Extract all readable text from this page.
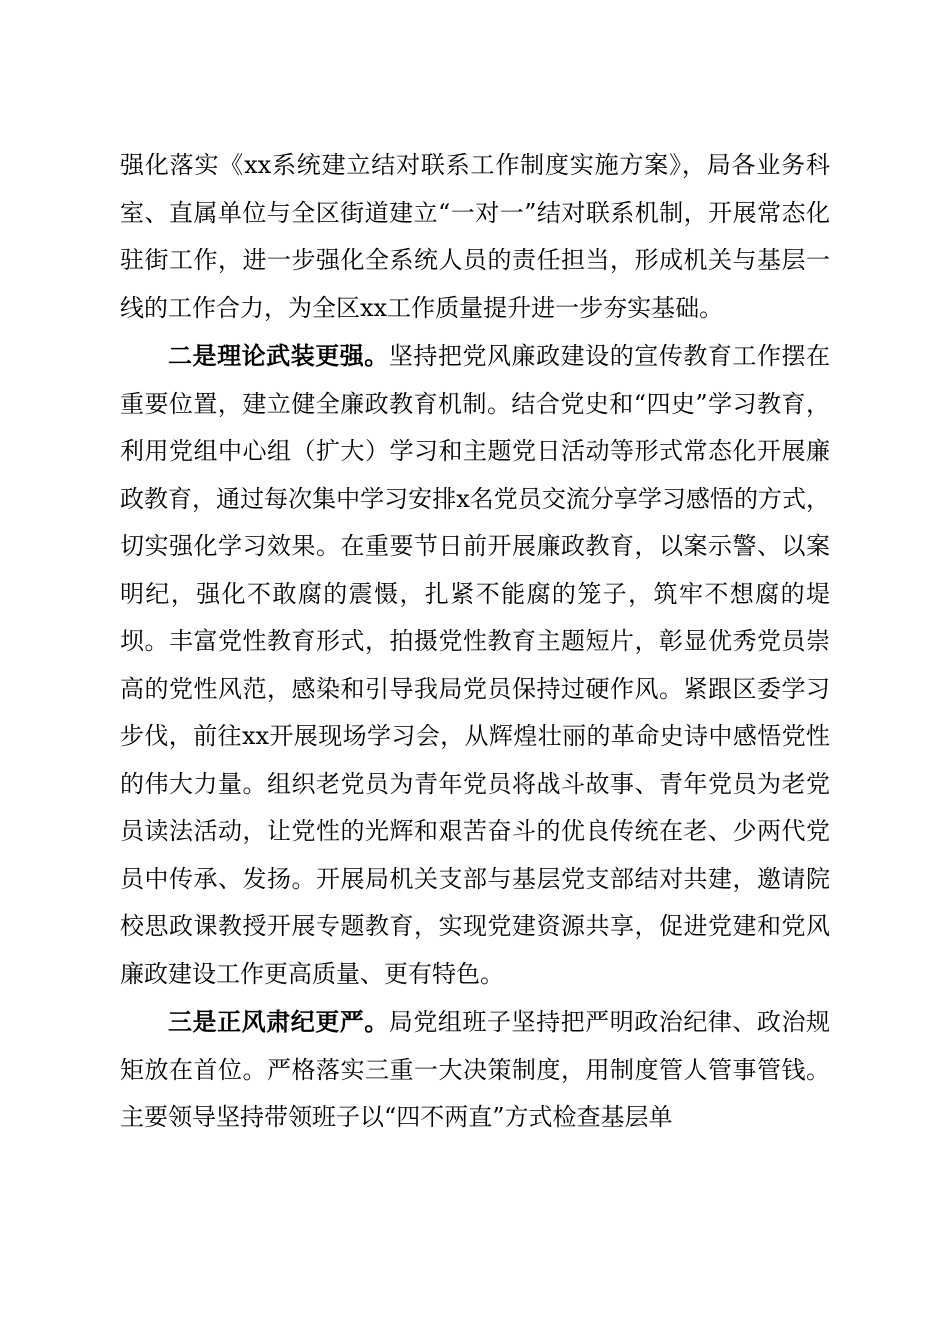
强化落实《xx系统建立结对联系工作制度实施方案》，局各业务科室、直属单位与全区街道建立“一对一”结对联系机制，开展常态化驻街工作，进一步强化全系统人员的责任担当，形成机关与基层一线的工作合力，为全区xx工作质量提升进一步夯实基础。

二是理论武装更强。坚持把党风廉政建设的宣传教育工作摆在重要位置，建立健全廉政教育机制。结合党史和“四史”学习教育，利用党组中心组（扩大）学习和主题党日活动等形式常态化开展廉政教育，通过每次集中学习安排x名党员交流分享学习感悟的方式，切实强化学习效果。在重要节日前开展廉政教育，以案示警、以案明纪，强化不敢腐的震慑，扎紧不能腐的笼子，筑牢不想腐的堤坝。丰富党性教育形式，拍摄党性教育主题短片，彰显优秀党员崇高的党性风范，感染和引导我局党员保持过硬作风。紧跟区委学习步伐，前往xx开展现场学习会，从辉煌壮丽的革命史诗中感悟党性的伟大力量。组织老党员为青年党员将战斗故事、青年党员为老党员读法活动，让党性的光辉和艰苦奋斗的优良传统在老、少两代党员中传承、发扬。开展局机关支部与基层党支部结对共建，邀请院校思政课教授开展专题教育，实现党建资源共享，促进党建和党风廉政建设工作更高质量、更有特色。

三是正风肃纪更严。局党组班子坚持把严明政治纪律、政治规矩放在首位。严格落实三重一大决策制度，用制度管人管事管钱。主要领导坚持带领班子以“四不两直”方式检查基层单
